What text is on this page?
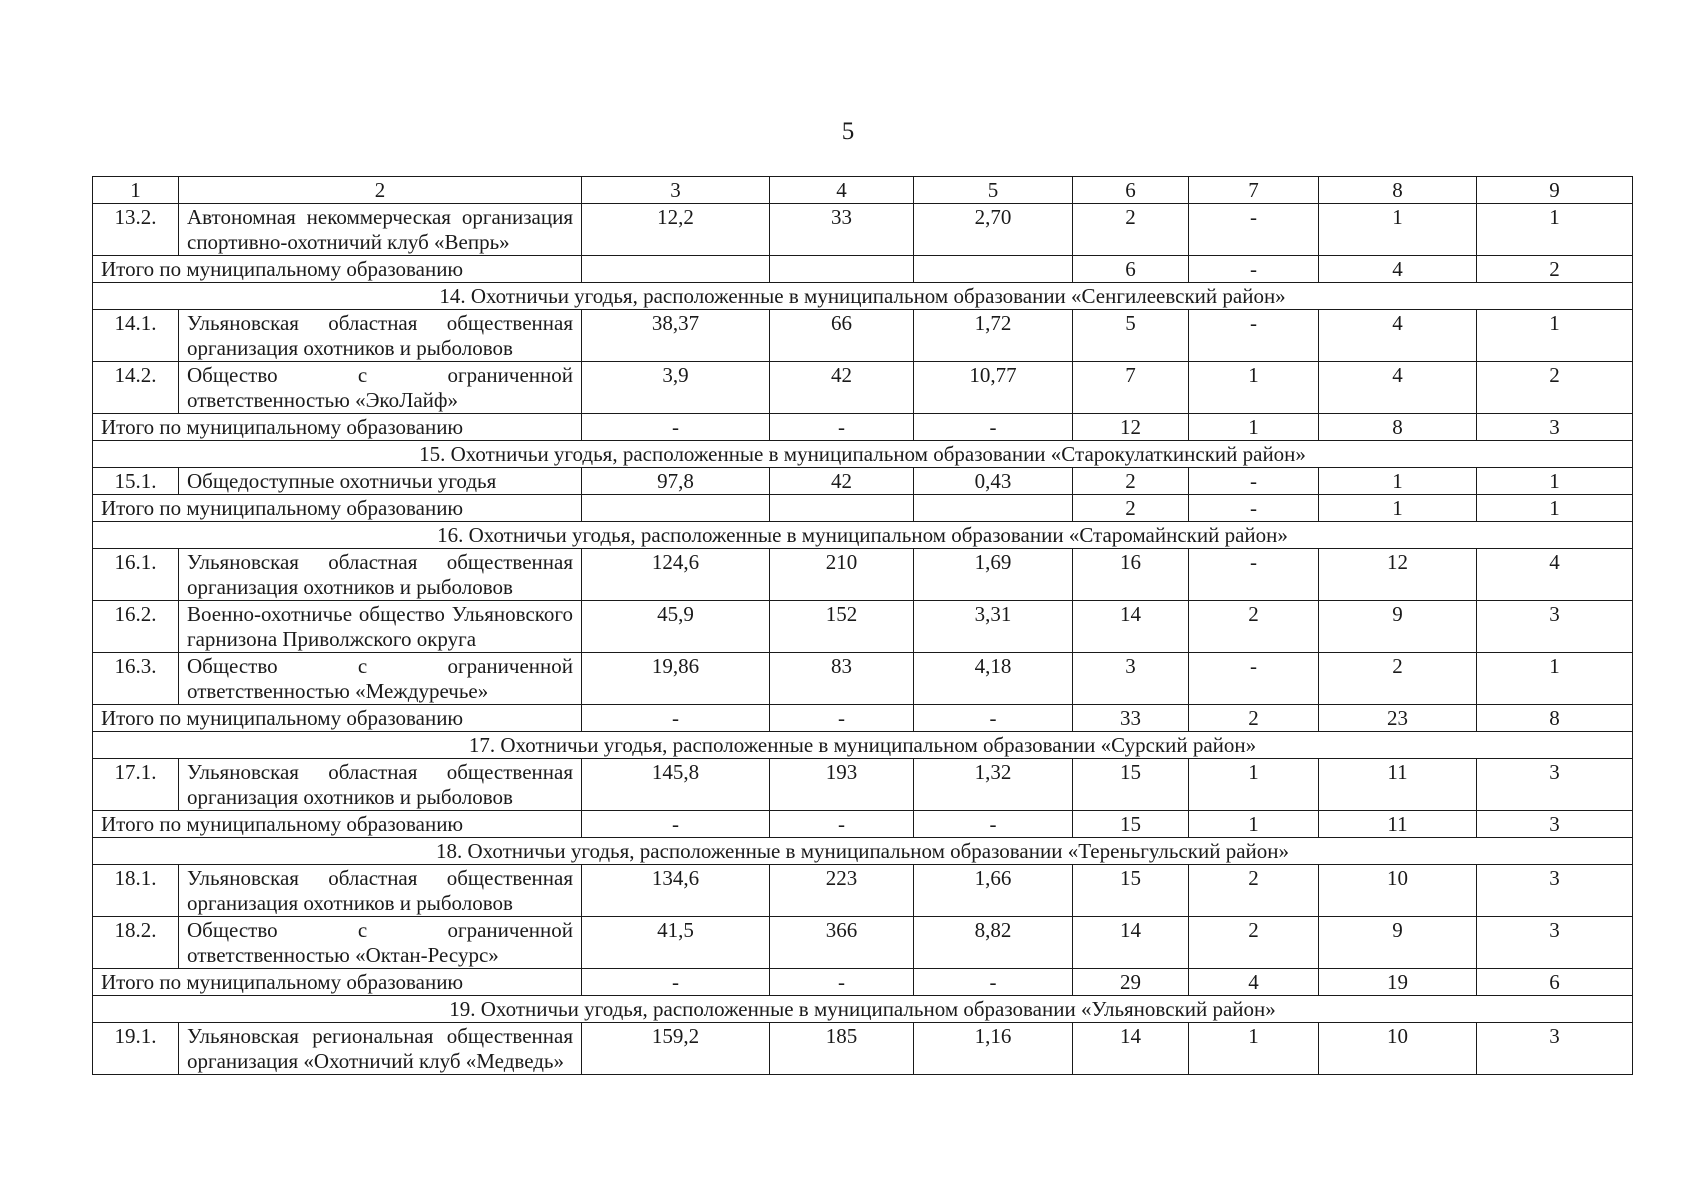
5
1	2	3	4	5	6	7	8	9
13.2.	Автономная некоммерческая организация спортивно-охотничий клуб «Вепрь»	12,2	33	2,70	2	-	1	1
Итого по муниципальному образованию					6	-	4	2
14. Охотничьи угодья, расположенные в муниципальном образовании «Сенгилеевский район»								
14.1.	Ульяновская областная общественная организация охотников и рыболовов	38,37	66	1,72	5	-	4	1
14.2.	Общество с ограниченной ответственностью «ЭкоЛайф»	3,9	42	10,77	7	1	4	2
Итого по муниципальному образованию		-	-	-	12	1	8	3
15. Охотничьи угодья, расположенные в муниципальном образовании «Старокулаткинский район»								
15.1.	Общедоступные охотничьи угодья	97,8	42	0,43	2	-	1	1
Итого по муниципальному образованию					2	-	1	1
16. Охотничьи угодья, расположенные в муниципальном образовании «Старомайнский район»								
16.1.	Ульяновская областная общественная организация охотников и рыболовов	124,6	210	1,69	16	-	12	4
16.2.	Военно-охотничье общество Ульяновского гарнизона Приволжского округа	45,9	152	3,31	14	2	9	3
16.3.	Общество с ограниченной ответственностью «Междуречье»	19,86	83	4,18	3	-	2	1
Итого по муниципальному образованию		-	-	-	33	2	23	8
17. Охотничьи угодья, расположенные в муниципальном образовании «Сурский район»								
17.1.	Ульяновская областная общественная организация охотников и рыболовов	145,8	193	1,32	15	1	11	3
Итого по муниципальному образованию		-	-	-	15	1	11	3
18. Охотничьи угодья, расположенные в муниципальном образовании «Тереньгульский район»								
18.1.	Ульяновская областная общественная организация охотников и рыболовов	134,6	223	1,66	15	2	10	3
18.2.	Общество с ограниченной ответственностью «Октан-Ресурс»	41,5	366	8,82	14	2	9	3
Итого по муниципальному образованию		-	-	-	29	4	19	6
19. Охотничьи угодья, расположенные в муниципальном образовании «Ульяновский район»								
19.1.	Ульяновская региональная общественная организация «Охотничий клуб «Медведь»	159,2	185	1,16	14	1	10	3
